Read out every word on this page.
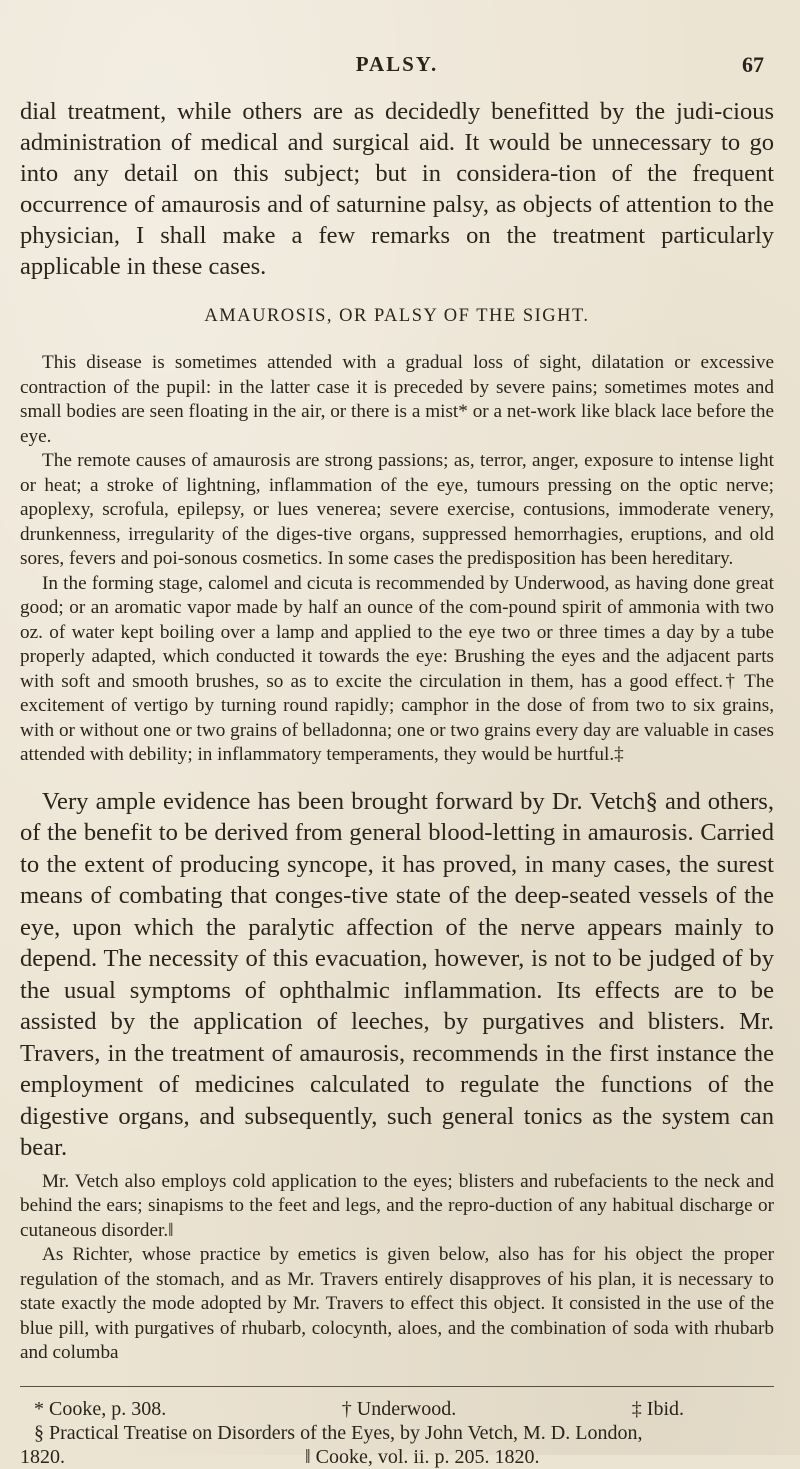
PALSY.	67

dial treatment, while others are as decidedly benefitted by the judi-cious administration of medical and surgical aid. It would be unnecessary to go into any detail on this subject; but in considera-tion of the frequent occurrence of amaurosis and of saturnine palsy, as objects of attention to the physician, I shall make a few remarks on the treatment particularly applicable in these cases.

AMAUROSIS, OR PALSY OF THE SIGHT.

This disease is sometimes attended with a gradual loss of sight, dilatation or excessive contraction of the pupil: in the latter case it is preceded by severe pains; sometimes motes and small bodies are seen floating in the air, or there is a mist* or a net-work like black lace before the eye.

The remote causes of amaurosis are strong passions; as, terror, anger, exposure to intense light or heat; a stroke of lightning, inflammation of the eye, tumours pressing on the optic nerve; apoplexy, scrofula, epilepsy, or lues venerea; severe exercise, contusions, immoderate venery, drunkenness, irregularity of the diges-tive organs, suppressed hemorrhagies, eruptions, and old sores, fevers and poi-sonous cosmetics. In some cases the predisposition has been hereditary.

In the forming stage, calomel and cicuta is recommended by Underwood, as having done great good; or an aromatic vapor made by half an ounce of the com-pound spirit of ammonia with two oz. of water kept boiling over a lamp and applied to the eye two or three times a day by a tube properly adapted, which conducted it towards the eye: Brushing the eyes and the adjacent parts with soft and smooth brushes, so as to excite the circulation in them, has a good effect.† The excitement of vertigo by turning round rapidly; camphor in the dose of from two to six grains, with or without one or two grains of belladonna; one or two grains every day are valuable in cases attended with debility; in inflammatory temperaments, they would be hurtful.‡

Very ample evidence has been brought forward by Dr. Vetch§ and others, of the benefit to be derived from general blood-letting in amaurosis. Carried to the extent of producing syncope, it has proved, in many cases, the surest means of combating that conges-tive state of the deep-seated vessels of the eye, upon which the paralytic affection of the nerve appears mainly to depend. The necessity of this evacuation, however, is not to be judged of by the usual symptoms of ophthalmic inflammation. Its effects are to be assisted by the application of leeches, by purgatives and blisters. Mr. Travers, in the treatment of amaurosis, recommends in the first instance the employment of medicines calculated to regulate the functions of the digestive organs, and subsequently, such general tonics as the system can bear.

Mr. Vetch also employs cold application to the eyes; blisters and rubefacients to the neck and behind the ears; sinapisms to the feet and legs, and the repro-duction of any habitual discharge or cutaneous disorder.‖

As Richter, whose practice by emetics is given below, also has for his object the proper regulation of the stomach, and as Mr. Travers entirely disapproves of his plan, it is necessary to state exactly the mode adopted by Mr. Travers to effect this object. It consisted in the use of the blue pill, with purgatives of rhubarb, colocynth, aloes, and the combination of soda with rhubarb and columba

* Cooke, p. 308.	† Underwood.	‡ Ibid.
§ Practical Treatise on Disorders of the Eyes, by John Vetch, M. D. London,
1820.	‖ Cooke, vol. ii. p. 205. 1820.
